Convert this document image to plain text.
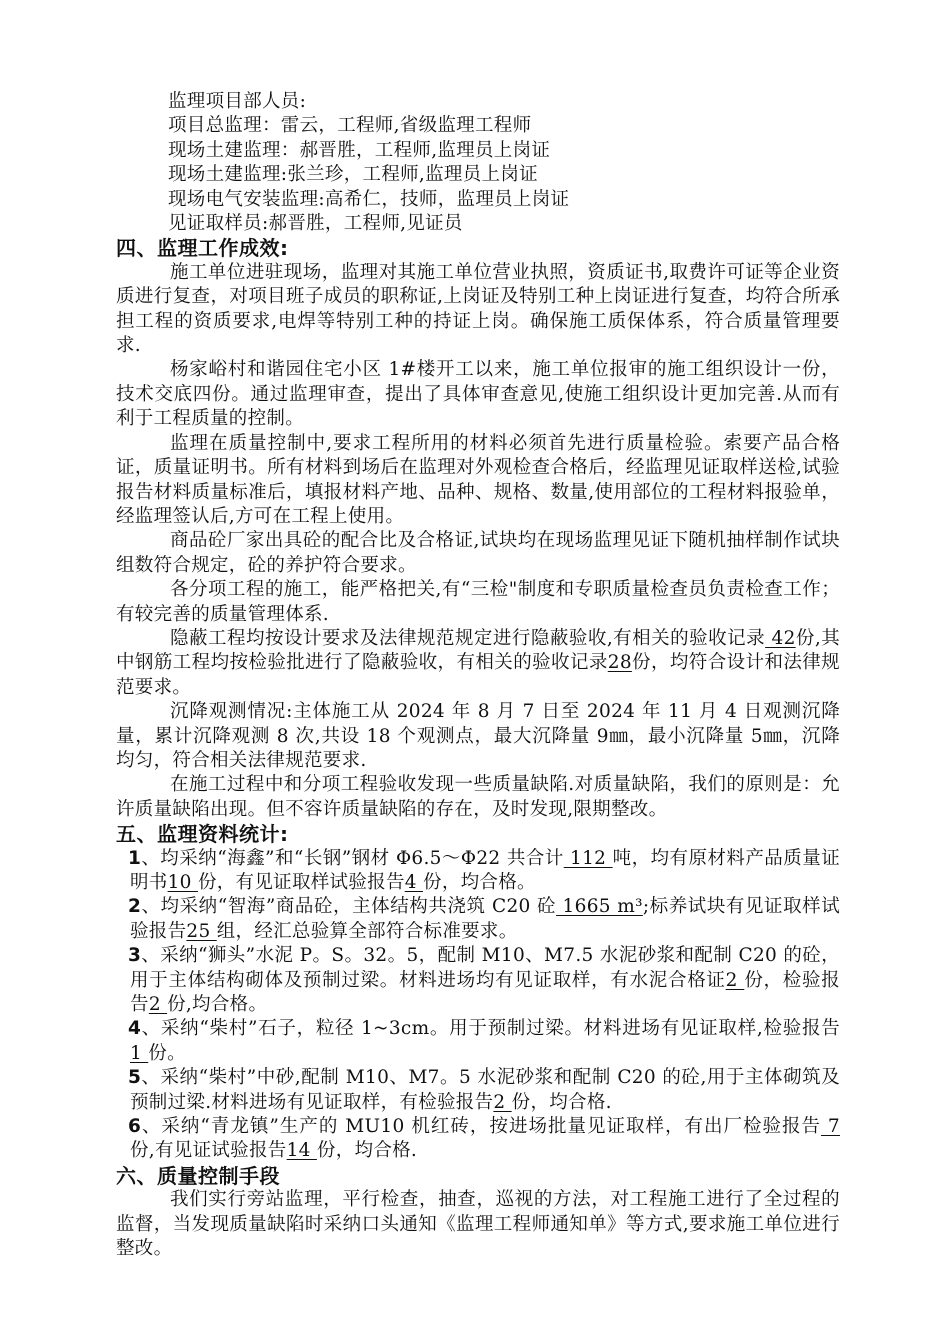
监理项目部人员:
项目总监理：雷云，工程师,省级监理工程师
现场土建监理：郝晋胜，工程师,监理员上岗证
现场土建监理:张兰珍，工程师,监理员上岗证
现场电气安装监理:高希仁，技师，监理员上岗证
见证取样员:郝晋胜，工程师,见证员
四、监理工作成效:

施工单位进驻现场，监理对其施工单位营业执照，资质证书,取费许可证等企业资质进行复查，对项目班子成员的职称证,上岗证及特别工种上岗证进行复查，均符合所承担工程的资质要求,电焊等特别工种的持证上岗。确保施工质保体系，符合质量管理要求.

杨家峪村和谐园住宅小区 1#楼开工以来，施工单位报审的施工组织设计一份，技术交底四份。通过监理审查，提出了具体审查意见,使施工组织设计更加完善.从而有利于工程质量的控制。

监理在质量控制中,要求工程所用的材料必须首先进行质量检验。索要产品合格证，质量证明书。所有材料到场后在监理对外观检查合格后，经监理见证取样送检,试验报告材料质量标准后，填报材料产地、品种、规格、数量,使用部位的工程材料报验单，经监理签认后,方可在工程上使用。

商品砼厂家出具砼的配合比及合格证,试块均在现场监理见证下随机抽样制作试块组数符合规定，砼的养护符合要求。

各分项工程的施工，能严格把关,有“三检"制度和专职质量检查员负责检查工作；有较完善的质量管理体系.

隐蔽工程均按设计要求及法律规范规定进行隐蔽验收,有相关的验收记录 42份,其中钢筋工程均按检验批进行了隐蔽验收，有相关的验收记录28份，均符合设计和法律规范要求。

沉降观测情况:主体施工从 2024 年 8 月 7 日至 2024 年 11 月 4 日观测沉降量，累计沉降观测 8 次,共设 18 个观测点，最大沉降量 9㎜，最小沉降量 5㎜，沉降均匀，符合相关法律规范要求.

在施工过程中和分项工程验收发现一些质量缺陷.对质量缺陷，我们的原则是：允许质量缺陷出现。但不容许质量缺陷的存在，及时发现,限期整改。

五、监理资料统计:

1、均采纳“海鑫”和“长钢”钢材 Φ6.5～Φ22 共合计 112 吨，均有原材料产品质量证明书10 份，有见证取样试验报告4 份，均合格。

2、均采纳“智海”商品砼，主体结构共浇筑 C20 砼 1665 m³;标养试块有见证取样试验报告25 组，经汇总验算全部符合标准要求。

3、采纳“狮头”水泥 P。S。32。5，配制 M10、M7.5 水泥砂浆和配制 C20 的砼，用于主体结构砌体及预制过梁。材料进场均有见证取样，有水泥合格证2 份，检验报告2 份,均合格。

4、采纳“柴村”石子，粒径 1~3cm。用于预制过梁。材料进场有见证取样,检验报告 1 份。

5、采纳“柴村”中砂,配制 M10、M7。5 水泥砂浆和配制 C20 的砼,用于主体砌筑及预制过梁.材料进场有见证取样，有检验报告2 份，均合格.

6、采纳“青龙镇”生产的 MU10 机红砖，按进场批量见证取样，有出厂检验报告 7 份,有见证试验报告14 份，均合格.

六、质量控制手段

我们实行旁站监理，平行检查，抽查，巡视的方法，对工程施工进行了全过程的监督，当发现质量缺陷时采纳口头通知《监理工程师通知单》等方式,要求施工单位进行整改。
